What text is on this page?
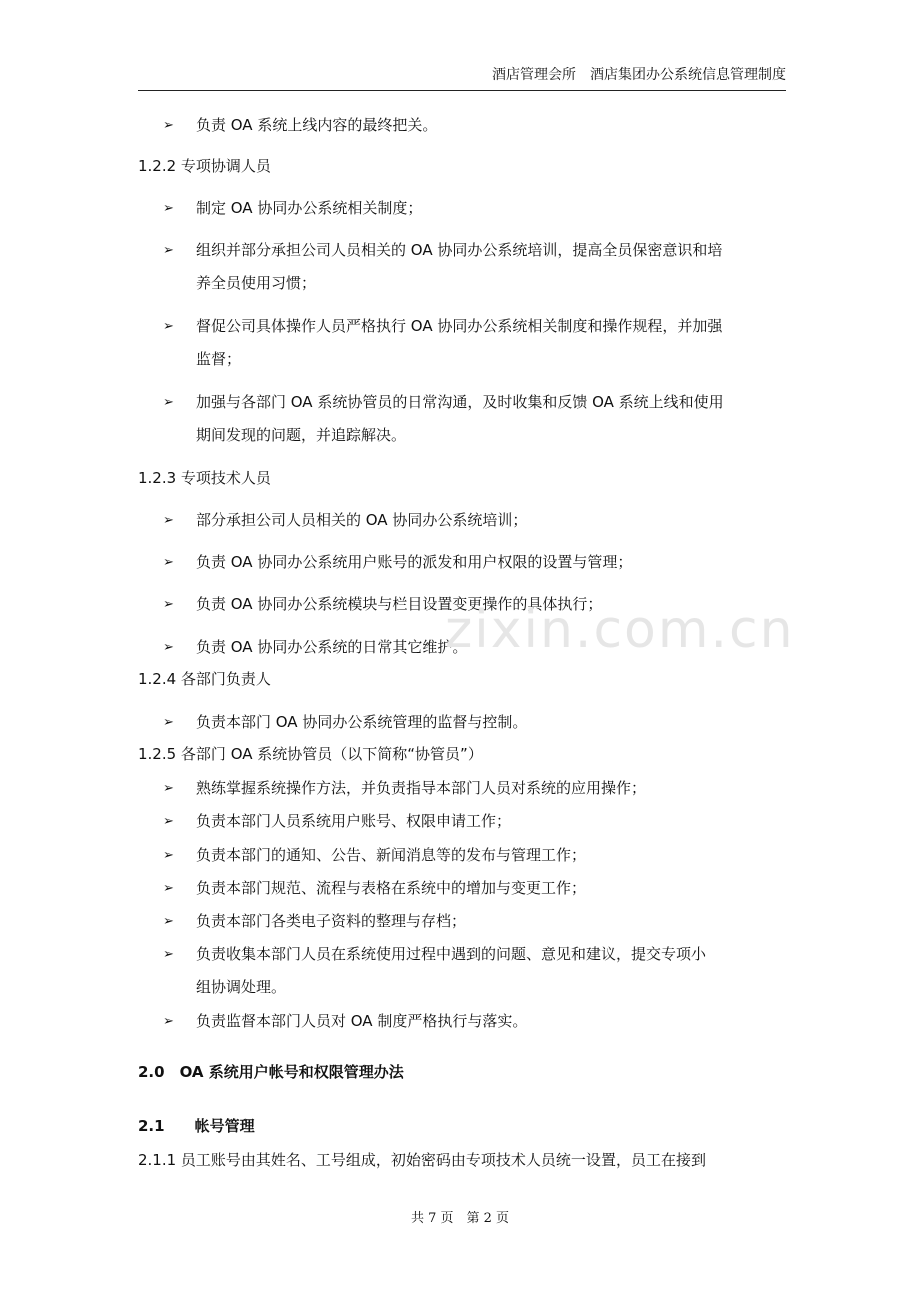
酒店管理会所　酒店集团办公系统信息管理制度
➢ 负责 OA 系统上线内容的最终把关。
1.2.2 专项协调人员
➢ 制定 OA 协同办公系统相关制度；
➢ 组织并部分承担公司人员相关的 OA 协同办公系统培训，提高全员保密意识和培
养全员使用习惯；
➢ 督促公司具体操作人员严格执行 OA 协同办公系统相关制度和操作规程，并加强
监督；
➢ 加强与各部门 OA 系统协管员的日常沟通，及时收集和反馈 OA 系统上线和使用
期间发现的问题，并追踪解决。
1.2.3 专项技术人员
➢ 部分承担公司人员相关的 OA 协同办公系统培训；
➢ 负责 OA 协同办公系统用户账号的派发和用户权限的设置与管理；
➢ 负责 OA 协同办公系统模块与栏目设置变更操作的具体执行；
➢ 负责 OA 协同办公系统的日常其它维护。
1.2.4 各部门负责人
➢ 负责本部门 OA 协同办公系统管理的监督与控制。
1.2.5 各部门 OA 系统协管员（以下简称“协管员”）
➢ 熟练掌握系统操作方法，并负责指导本部门人员对系统的应用操作；
➢ 负责本部门人员系统用户账号、权限申请工作；
➢ 负责本部门的通知、公告、新闻消息等的发布与管理工作；
➢ 负责本部门规范、流程与表格在系统中的增加与变更工作；
➢ 负责本部门各类电子资料的整理与存档；
➢ 负责收集本部门人员在系统使用过程中遇到的问题、意见和建议，提交专项小
组协调处理。
➢ 负责监督本部门人员对 OA 制度严格执行与落实。
2.0　OA 系统用户帐号和权限管理办法
2.1　　帐号管理
2.1.1 员工账号由其姓名、工号组成，初始密码由专项技术人员统一设置，员工在接到
zixin.com.cn
共 7 页　第 2 页
